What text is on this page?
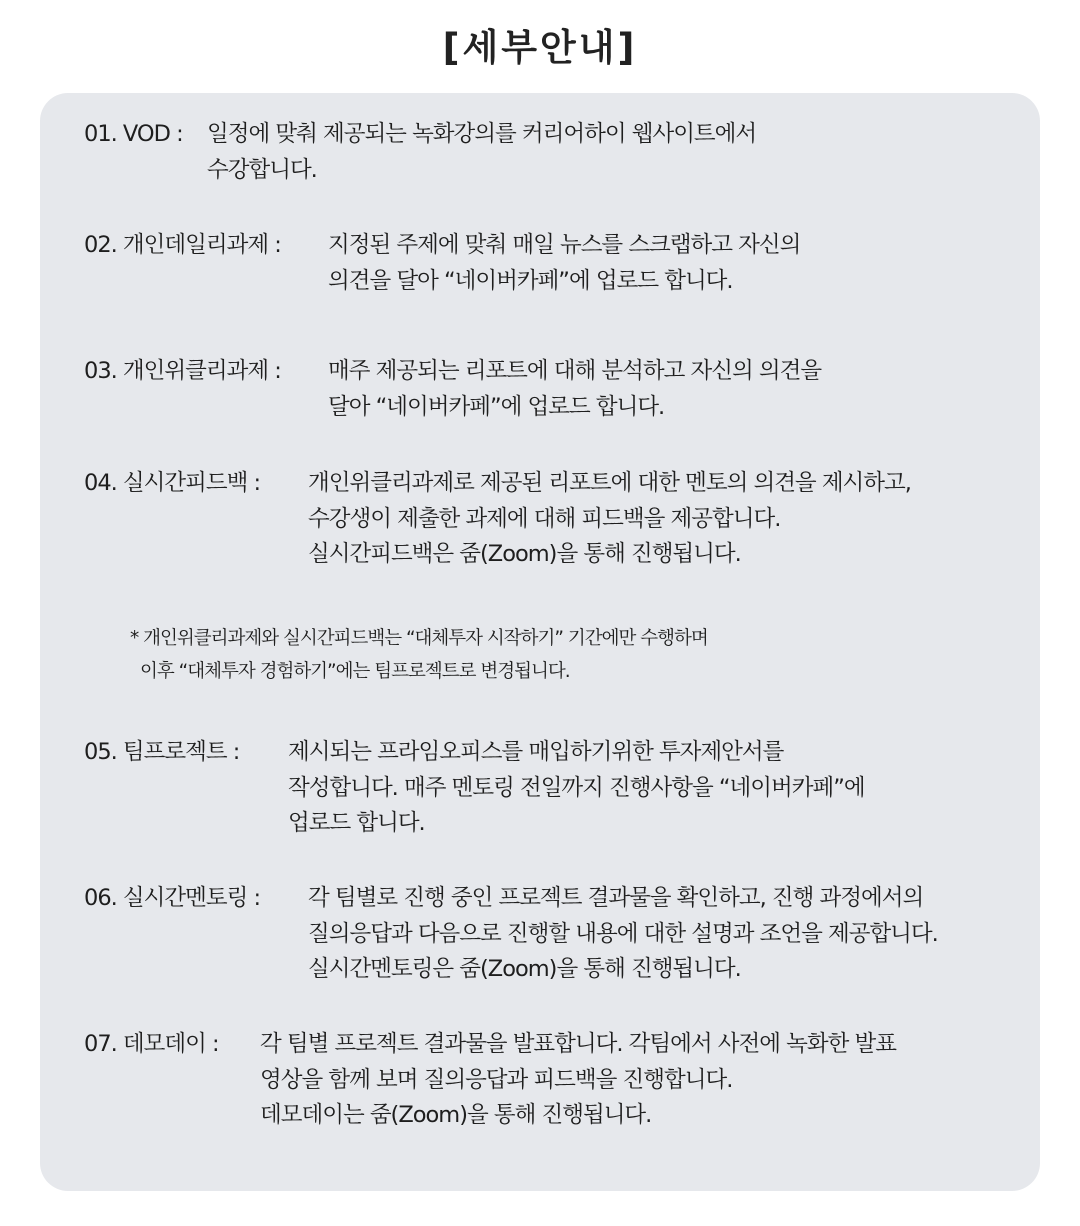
[세부안내]
01. VOD : 일정에 맞춰 제공되는 녹화강의를 커리어하이 웹사이트에서
수강합니다.
02. 개인데일리과제 : 지정된 주제에 맞춰 매일 뉴스를 스크랩하고 자신의
의견을 달아 “네이버카페”에 업로드 합니다.
03. 개인위클리과제 : 매주 제공되는 리포트에 대해 분석하고 자신의 의견을
달아 “네이버카페”에 업로드 합니다.
04. 실시간피드백 : 개인위클리과제로 제공된 리포트에 대한 멘토의 의견을 제시하고,
수강생이 제출한 과제에 대해 피드백을 제공합니다.
실시간피드백은 줌(Zoom)을 통해 진행됩니다.
* 개인위클리과제와 실시간피드백는 “대체투자 시작하기” 기간에만 수행하며
이후 “대체투자 경험하기”에는 팀프로젝트로 변경됩니다.
05. 팀프로젝트 : 제시되는 프라임오피스를 매입하기위한 투자제안서를
작성합니다. 매주 멘토링 전일까지 진행사항을 “네이버카페”에
업로드 합니다.
06. 실시간멘토링 : 각 팀별로 진행 중인 프로젝트 결과물을 확인하고, 진행 과정에서의
질의응답과 다음으로 진행할 내용에 대한 설명과 조언을 제공합니다.
실시간멘토링은 줌(Zoom)을 통해 진행됩니다.
07. 데모데이 : 각 팀별 프로젝트 결과물을 발표합니다. 각팀에서 사전에 녹화한 발표
영상을 함께 보며 질의응답과 피드백을 진행합니다.
데모데이는 줌(Zoom)을 통해 진행됩니다.
